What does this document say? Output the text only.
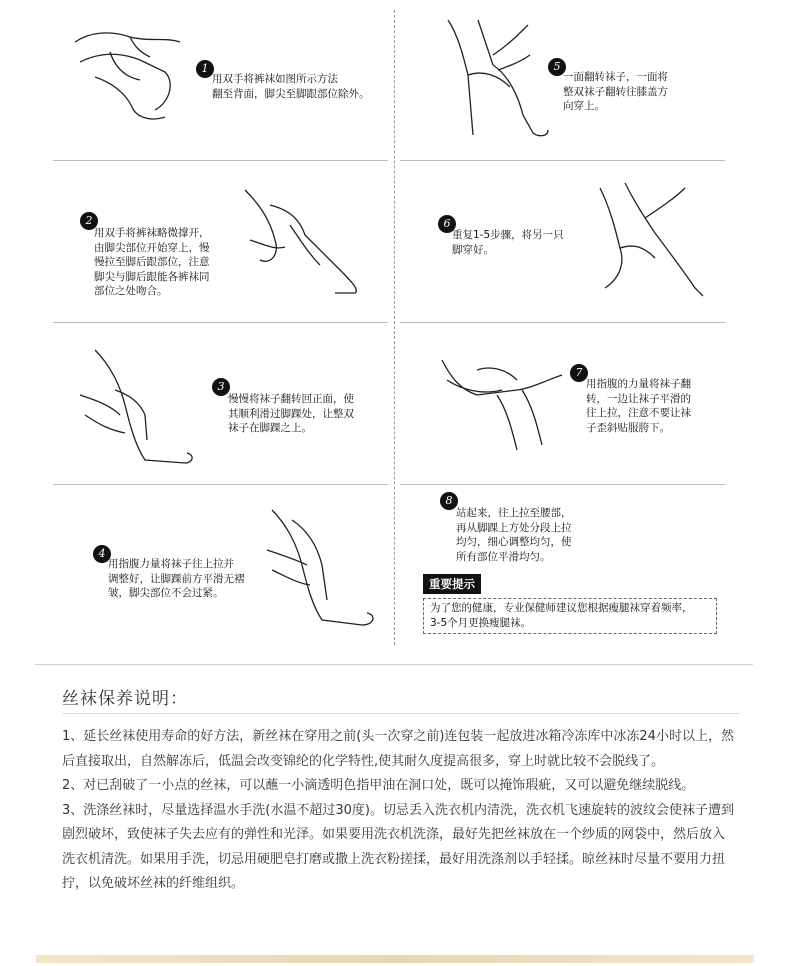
1
用双手将裤袜如图所示方法
翻至背面，脚尖至脚跟部位除外。
5
一面翻转袜子，一面将
整双袜子翻转往膝盖方
向穿上。
2
用双手将裤袜略微撑开，
由脚尖部位开始穿上，慢
慢拉至脚后跟部位，注意
脚尖与脚后跟能各裤袜同
部位之处吻合。
6
重复1-5步骤，将另一只
脚穿好。
3
慢慢将袜子翻转回正面，使
其顺利滑过脚踝处，让整双
袜子在脚踝之上。
7
用指腹的力量将袜子翻
转，一边让袜子平滑的
往上拉，注意不要让袜
子歪斜贴服胯下。
4
用指腹力量将袜子往上拉并
调整好，让脚踝前方平滑无褶
皱，脚尖部位不会过紧。
8
站起来，往上拉至腰部，
再从脚踝上方处分段上拉
均匀，细心调整均匀，使
所有部位平滑均匀。
重要提示
为了您的健康，专业保健师建议您根据瘦腿袜穿着频率，
3-5个月更换瘦腿袜。
丝袜保养说明：

1、延长丝袜使用寿命的好方法，新丝袜在穿用之前(头一次穿之前)连包装一起放进冰箱冷冻库中冰冻24小时以上，然后直接取出，自然解冻后，低温会改变锦纶的化学特性,使其耐久度提高很多，穿上时就比较不会脱线了。

2、对已刮破了一小点的丝袜，可以蘸一小滴透明色指甲油在洞口处，既可以掩饰瑕疵，又可以避免继续脱线。

3、洗涤丝袜时，尽量选择温水手洗(水温不超过30度)。切忌丢入洗衣机内清洗，洗衣机飞速旋转的波纹会使袜子遭到剧烈破坏，致使袜子失去应有的弹性和光泽。如果要用洗衣机洗涤，最好先把丝袜放在一个纱质的网袋中，然后放入洗衣机清洗。如果用手洗，切忌用硬肥皂打磨或撒上洗衣粉搓揉，最好用洗涤剂以手轻揉。晾丝袜时尽量不要用力扭拧，以免破坏丝袜的纤维组织。
